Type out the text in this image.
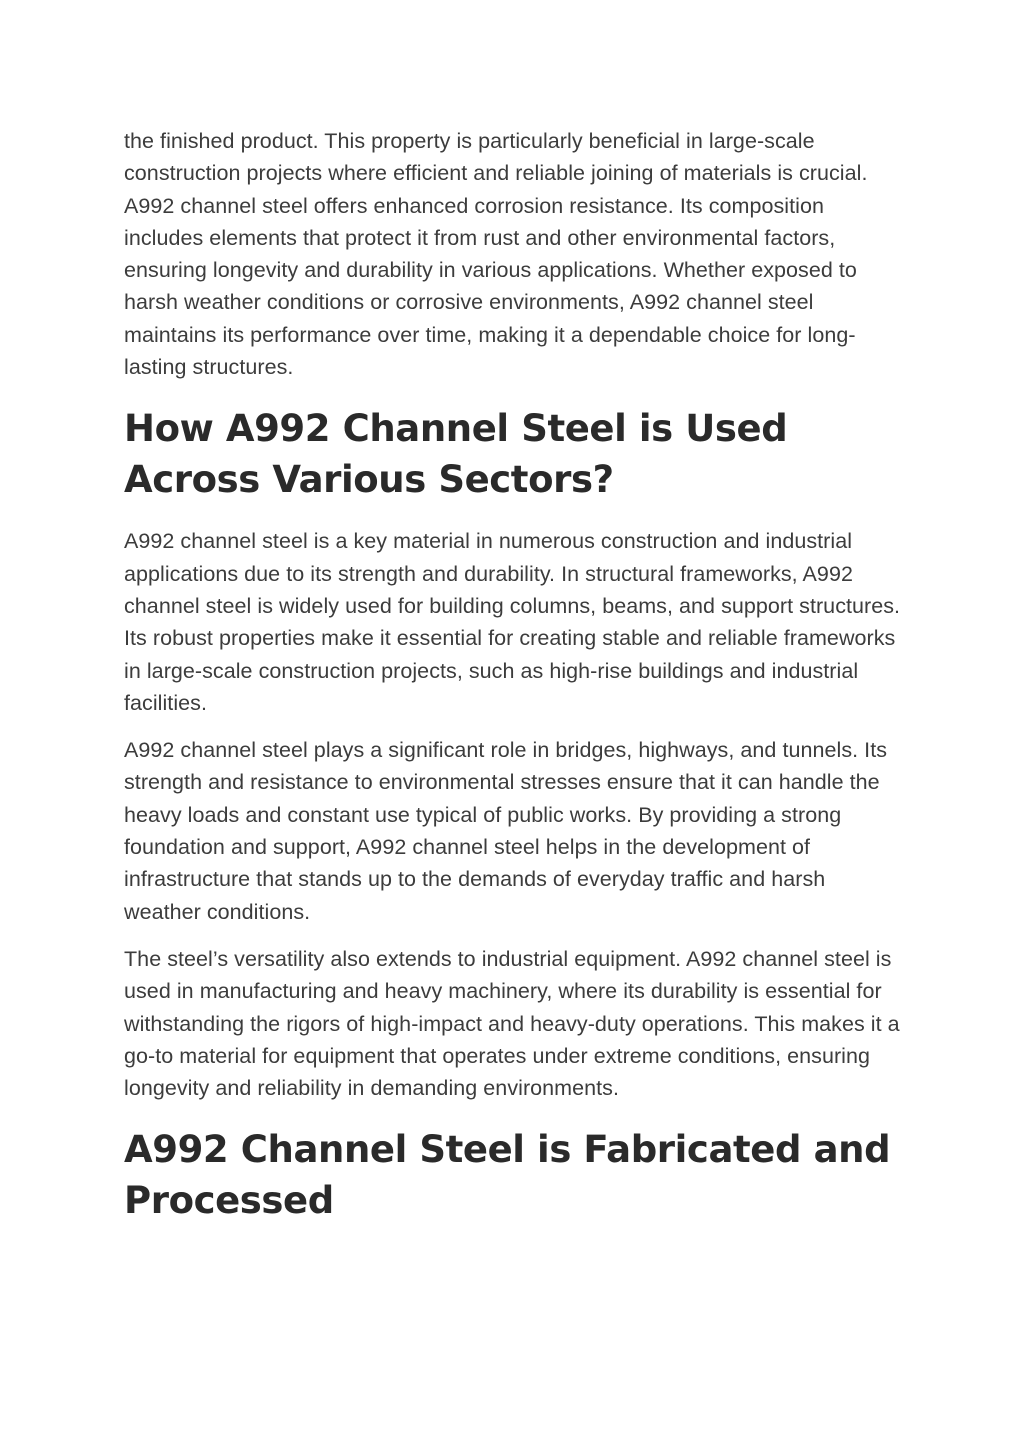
the finished product. This property is particularly beneficial in large-scale construction projects where efficient and reliable joining of materials is crucial. A992 channel steel offers enhanced corrosion resistance. Its composition includes elements that protect it from rust and other environmental factors, ensuring longevity and durability in various applications. Whether exposed to harsh weather conditions or corrosive environments, A992 channel steel maintains its performance over time, making it a dependable choice for long-lasting structures.

How A992 Channel Steel is Used Across Various Sectors?

A992 channel steel is a key material in numerous construction and industrial applications due to its strength and durability. In structural frameworks, A992 channel steel is widely used for building columns, beams, and support structures. Its robust properties make it essential for creating stable and reliable frameworks in large-scale construction projects, such as high-rise buildings and industrial facilities.

A992 channel steel plays a significant role in bridges, highways, and tunnels. Its strength and resistance to environmental stresses ensure that it can handle the heavy loads and constant use typical of public works. By providing a strong foundation and support, A992 channel steel helps in the development of infrastructure that stands up to the demands of everyday traffic and harsh weather conditions.

The steel’s versatility also extends to industrial equipment. A992 channel steel is used in manufacturing and heavy machinery, where its durability is essential for withstanding the rigors of high-impact and heavy-duty operations. This makes it a go-to material for equipment that operates under extreme conditions, ensuring longevity and reliability in demanding environments.

A992 Channel Steel is Fabricated and Processed
